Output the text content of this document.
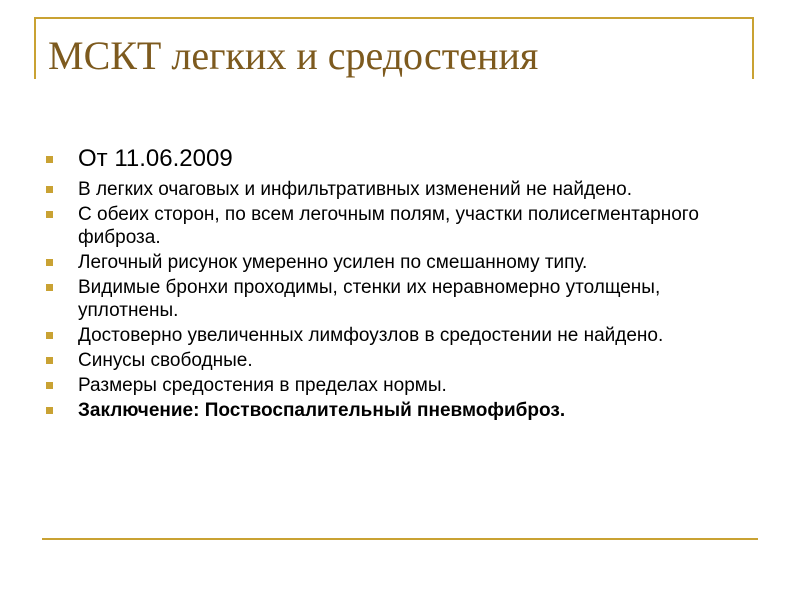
МСКТ легких и средостения
От 11.06.2009
В легких очаговых и инфильтративных изменений не найдено.
С обеих сторон, по всем легочным полям, участки полисегментарного фиброза.
Легочный рисунок умеренно усилен по смешанному типу.
Видимые бронхи проходимы, стенки их неравномерно утолщены, уплотнены.
Достоверно увеличенных лимфоузлов в средостении не найдено.
Синусы свободные.
Размеры средостения в пределах нормы.
Заключение: Поствоспалительный пневмофиброз.
